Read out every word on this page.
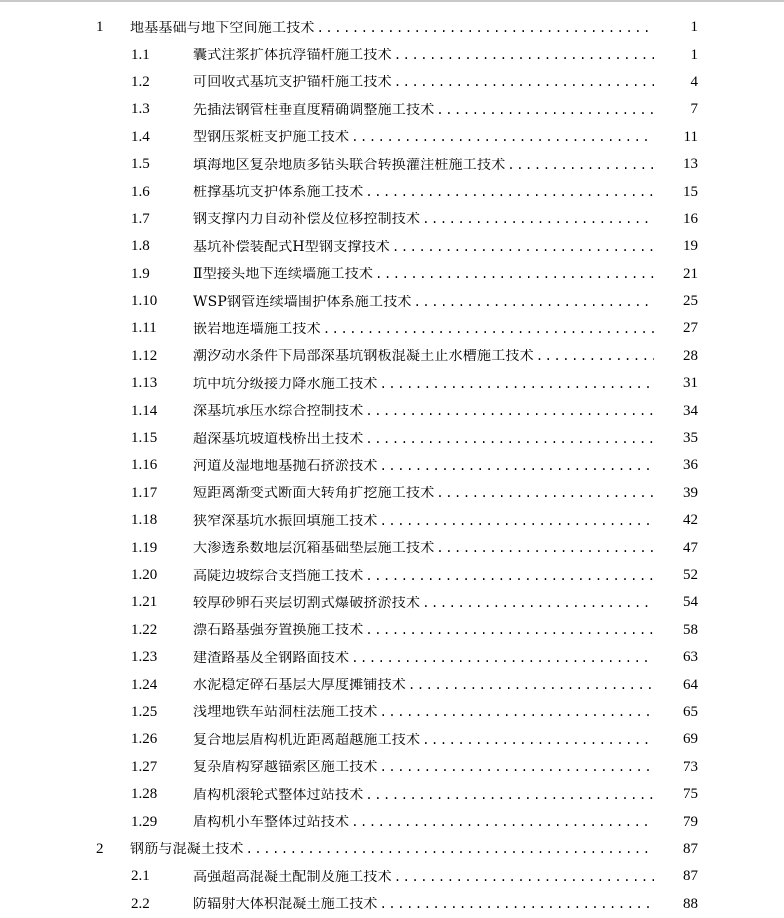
1 地基基础与地下空间施工技术 .....	1
1.1	囊式注浆扩体抗浮锚杆施工技术 .....	1
1.2	可回收式基坑支护锚杆施工技术 .....	4
1.3	先插法钢管柱垂直度精确调整施工技术 .....	7
1.4	型钢压浆桩支护施工技术 .....	11
1.5	填海地区复杂地质多钻头联合转换灌注桩施工技术 .....	13
1.6	桩撑基坑支护体系施工技术 .....	15
1.7	钢支撑内力自动补偿及位移控制技术 .....	16
1.8	基坑补偿装配式H型钢支撑技术 .....	19
1.9	Ⅱ型接头地下连续墙施工技术 .....	21
1.10	WSP钢管连续墙围护体系施工技术 .....	25
1.11	嵌岩地连墙施工技术 .....	27
1.12	潮汐动水条件下局部深基坑钢板混凝土止水槽施工技术 .....	28
1.13	坑中坑分级接力降水施工技术 .....	31
1.14	深基坑承压水综合控制技术 .....	34
1.15	超深基坑坡道栈桥出土技术 .....	35
1.16	河道及湿地地基抛石挤淤技术 .....	36
1.17	短距离渐变式断面大转角扩挖施工技术 .....	39
1.18	狭窄深基坑水振回填施工技术 .....	42
1.19	大渗透系数地层沉箱基础垫层施工技术 .....	47
1.20	高陡边坡综合支挡施工技术 .....	52
1.21	较厚砂卵石夹层切割式爆破挤淤技术 .....	54
1.22	漂石路基强夯置换施工技术 .....	58
1.23	建渣路基及全钢路面技术 .....	63
1.24	水泥稳定碎石基层大厚度摊铺技术 .....	64
1.25	浅埋地铁车站洞柱法施工技术 .....	65
1.26	复合地层盾构机近距离超越施工技术 .....	69
1.27	复杂盾构穿越锚索区施工技术 .....	73
1.28	盾构机滚轮式整体过站技术 .....	75
1.29	盾构机小车整体过站技术 .....	79
2 钢筋与混凝土技术 .....	87
2.1	高强超高混凝土配制及施工技术 .....	87
2.2	防辐射大体积混凝土施工技术 .....	88
